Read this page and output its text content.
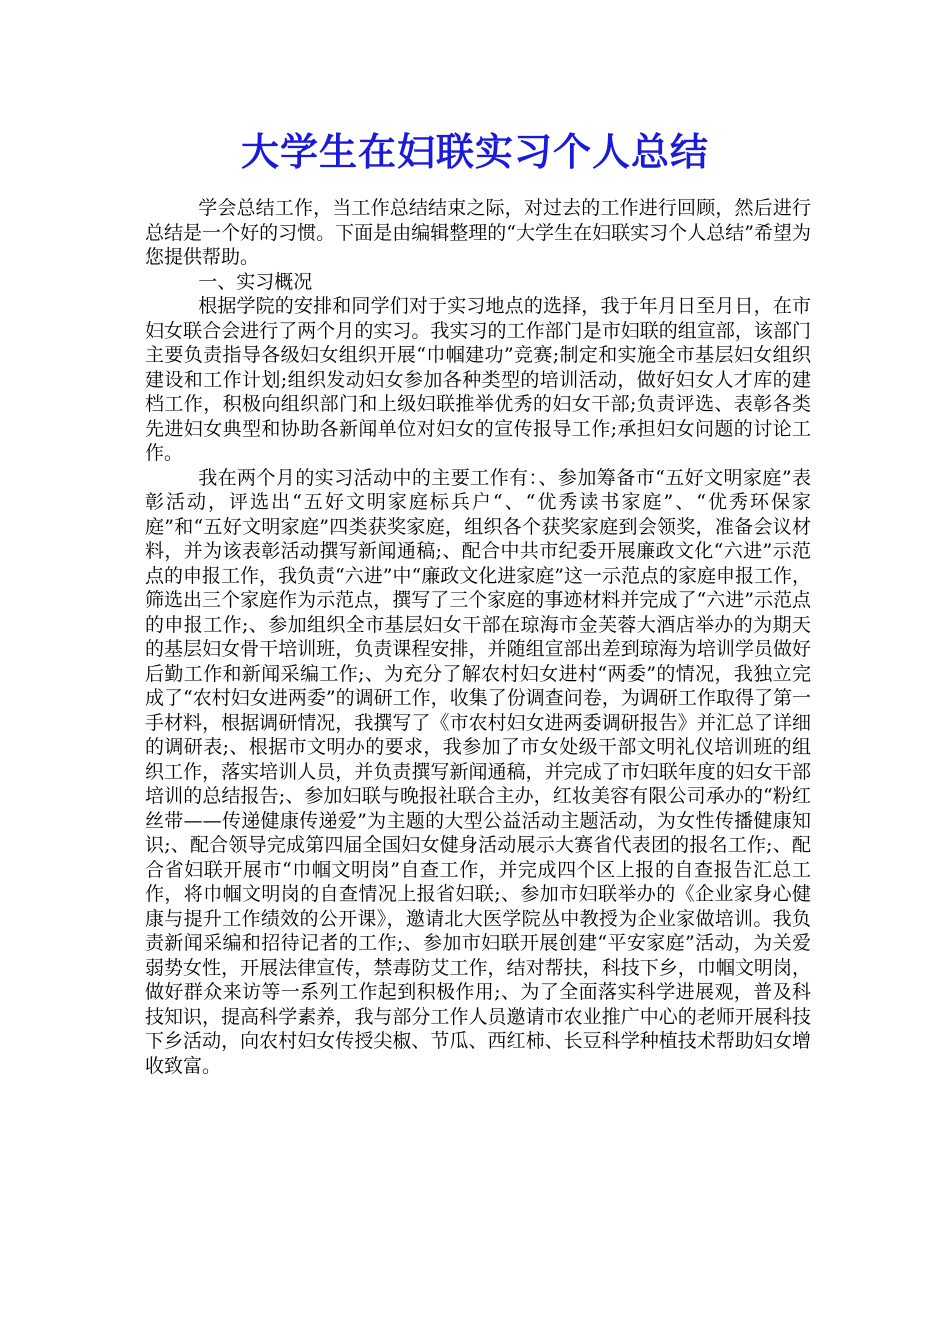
大学生在妇联实习个人总结

学会总结工作，当工作总结结束之际，对过去的工作进行回顾，然后进行总结是一个好的习惯。下面是由编辑整理的“大学生在妇联实习个人总结”希望为您提供帮助。

一、实习概况

根据学院的安排和同学们对于实习地点的选择，我于年月日至月日，在市妇女联合会进行了两个月的实习。我实习的工作部门是市妇联的组宣部，该部门主要负责指导各级妇女组织开展“巾帼建功”竞赛;制定和实施全市基层妇女组织建设和工作计划;组织发动妇女参加各种类型的培训活动，做好妇女人才库的建档工作，积极向组织部门和上级妇联推举优秀的妇女干部;负责评选、表彰各类先进妇女典型和协助各新闻单位对妇女的宣传报导工作;承担妇女问题的讨论工作。

我在两个月的实习活动中的主要工作有：、参加筹备市“五好文明家庭”表彰活动，评选出“五好文明家庭标兵户“、“优秀读书家庭”、“优秀环保家庭”和“五好文明家庭”四类获奖家庭，组织各个获奖家庭到会领奖，准备会议材料，并为该表彰活动撰写新闻通稿;、配合中共市纪委开展廉政文化“六进”示范点的申报工作，我负责“六进”中“廉政文化进家庭”这一示范点的家庭申报工作，筛选出三个家庭作为示范点，撰写了三个家庭的事迹材料并完成了“六进”示范点的申报工作;、参加组织全市基层妇女干部在琼海市金芙蓉大酒店举办的为期天的基层妇女骨干培训班，负责课程安排，并随组宣部出差到琼海为培训学员做好后勤工作和新闻采编工作;、为充分了解农村妇女进村“两委”的情况，我独立完成了“农村妇女进两委”的调研工作，收集了份调查问卷，为调研工作取得了第一手材料，根据调研情况，我撰写了《市农村妇女进两委调研报告》并汇总了详细的调研表;、根据市文明办的要求，我参加了市女处级干部文明礼仪培训班的组织工作，落实培训人员，并负责撰写新闻通稿，并完成了市妇联年度的妇女干部培训的总结报告;、参加妇联与晚报社联合主办，红妆美容有限公司承办的“粉红丝带——传递健康传递爱”为主题的大型公益活动主题活动，为女性传播健康知识;、配合领导完成第四届全国妇女健身活动展示大赛省代表团的报名工作;、配合省妇联开展市“巾帼文明岗”自查工作，并完成四个区上报的自查报告汇总工作，将巾帼文明岗的自查情况上报省妇联;、参加市妇联举办的《企业家身心健康与提升工作绩效的公开课》，邀请北大医学院丛中教授为企业家做培训。我负责新闻采编和招待记者的工作;、参加市妇联开展创建“平安家庭”活动，为关爱弱势女性，开展法律宣传，禁毒防艾工作，结对帮扶，科技下乡，巾帼文明岗，做好群众来访等一系列工作起到积极作用;、为了全面落实科学进展观，普及科技知识，提高科学素养，我与部分工作人员邀请市农业推广中心的老师开展科技下乡活动，向农村妇女传授尖椒、节瓜、西红柿、长豆科学种植技术帮助妇女增收致富。
